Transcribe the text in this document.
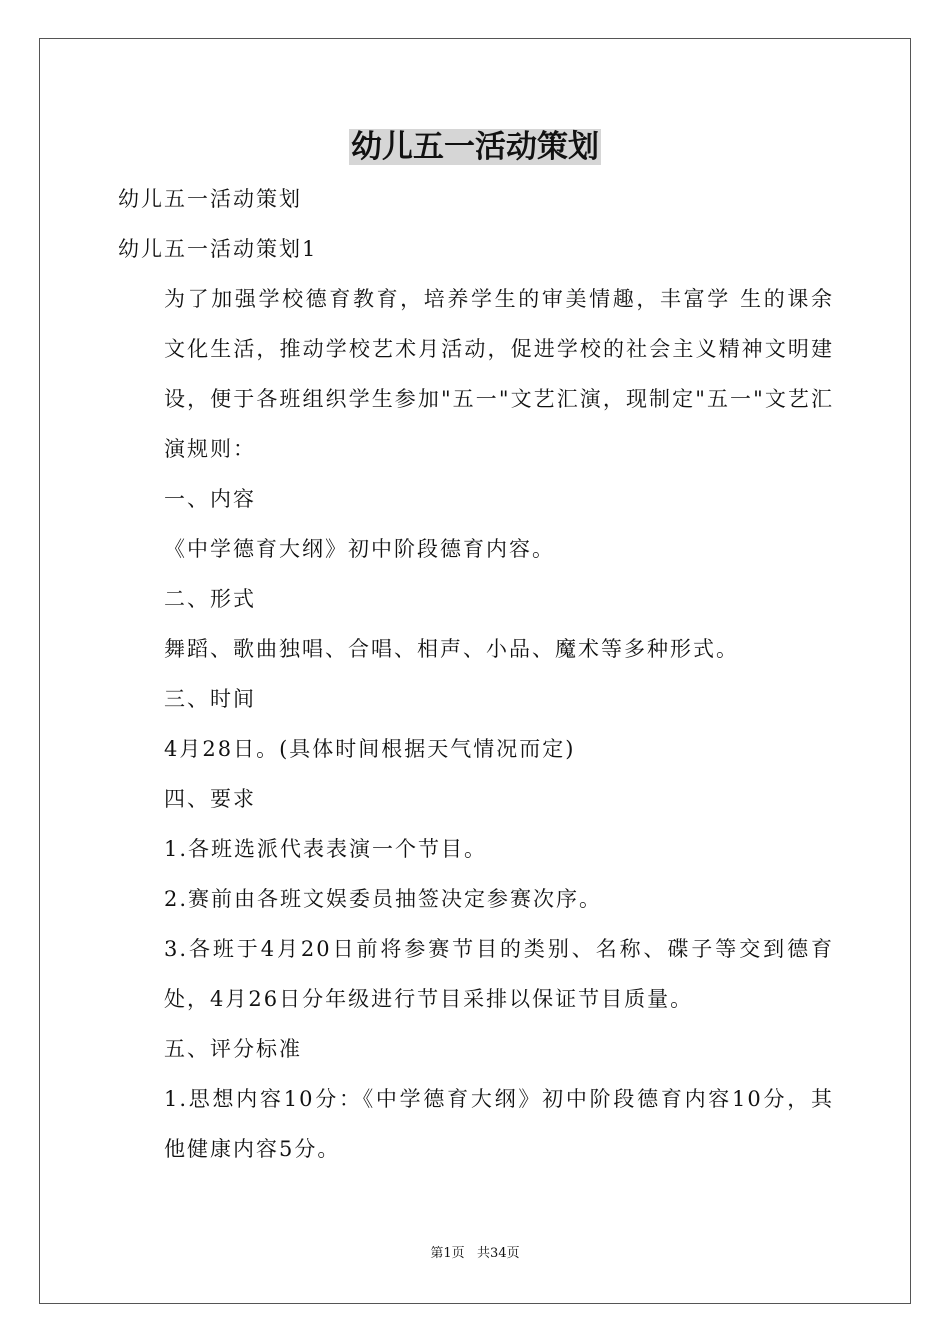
幼儿五一活动策划

幼儿五一活动策划

幼儿五一活动策划1

为了加强学校德育教育，培养学生的审美情趣，丰富学 生的课余文化生活，推动学校艺术月活动，促进学校的社会主义精神文明建设，便于各班组织学生参加"五一"文艺汇演，现制定"五一"文艺汇演规则：

一、内容

《中学德育大纲》初中阶段德育内容。

二、形式

舞蹈、歌曲独唱、合唱、相声、小品、魔术等多种形式。

三、时间

4月28日。(具体时间根据天气情况而定)

四、要求

1.各班选派代表表演一个节目。

2.赛前由各班文娱委员抽签决定参赛次序。

3.各班于4月20日前将参赛节目的类别、名称、碟子等交到德育处，4月26日分年级进行节目采排以保证节目质量。

五、评分标准

1.思想内容10分：《中学德育大纲》初中阶段德育内容10分，其他健康内容5分。

第1页   共34页
